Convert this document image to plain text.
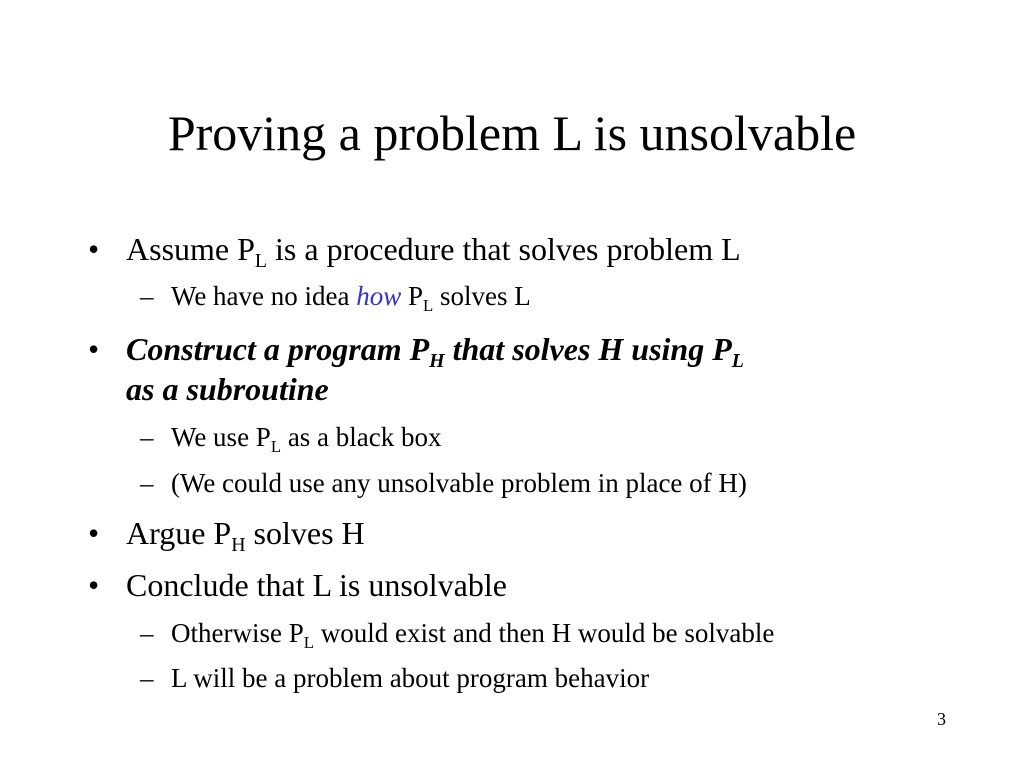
Proving a problem L is unsolvable
• Assume $P_L$ is a procedure that solves problem L
– We have no idea how $P_L$ solves L
• Construct a program $P_H$ that solves H using $P_L$
as a subroutine
– We use $P_L$ as a black box
– (We could use any unsolvable problem in place of H)
• Argue $P_H$ solves H
• Conclude that L is unsolvable
– Otherwise $P_L$ would exist and then H would be solvable
– L will be a problem about program behavior
3
